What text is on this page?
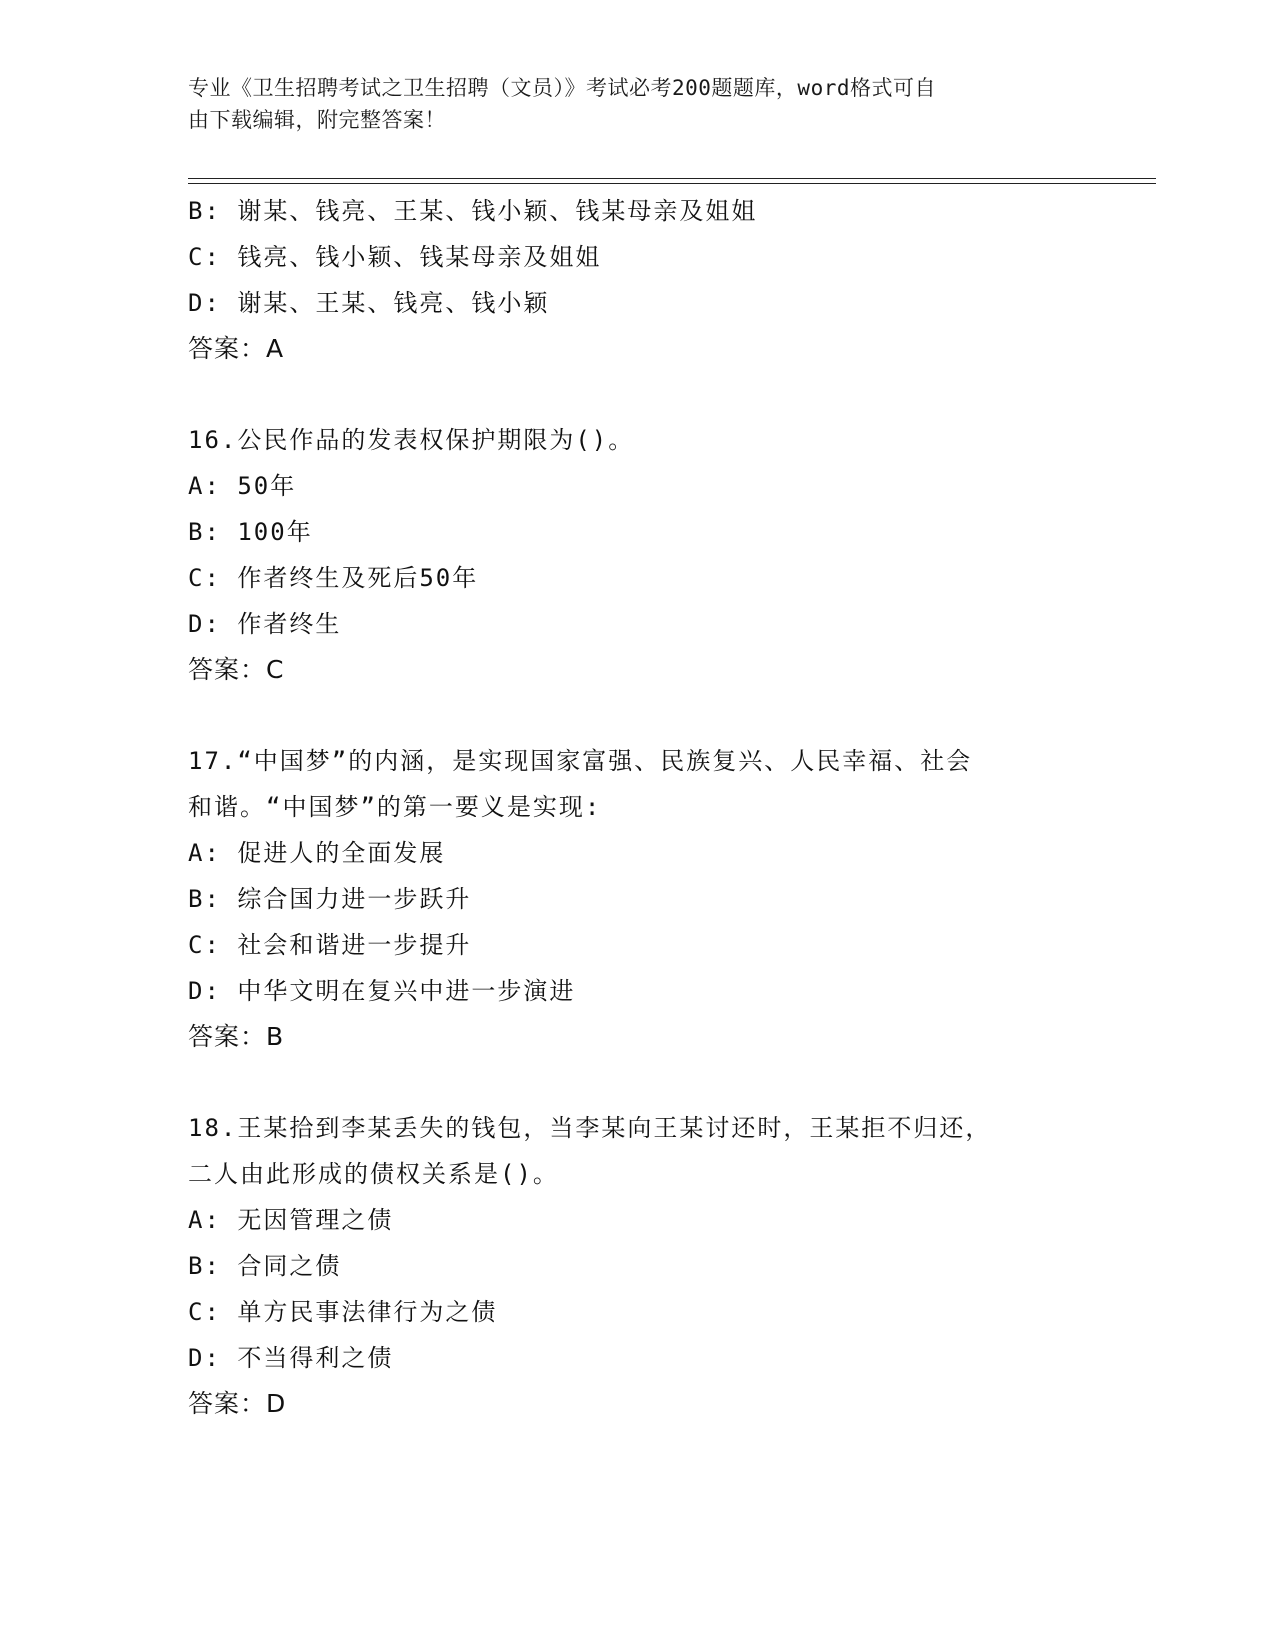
专业《卫生招聘考试之卫生招聘（文员）》考试必考200题题库，word格式可自
由下载编辑，附完整答案！
B: 谢某、钱亮、王某、钱小颖、钱某母亲及姐姐
C: 钱亮、钱小颖、钱某母亲及姐姐
D: 谢某、王某、钱亮、钱小颖
答案：A
16.公民作品的发表权保护期限为()。
A: 50年
B: 100年
C: 作者终生及死后50年
D: 作者终生
答案：C
17.“中国梦”的内涵，是实现国家富强、民族复兴、人民幸福、社会
和谐。“中国梦”的第一要义是实现:
A: 促进人的全面发展
B: 综合国力进一步跃升
C: 社会和谐进一步提升
D: 中华文明在复兴中进一步演进
答案：B
18.王某拾到李某丢失的钱包，当李某向王某讨还时，王某拒不归还，
二人由此形成的债权关系是()。
A: 无因管理之债
B: 合同之债
C: 单方民事法律行为之债
D: 不当得利之债
答案：D
